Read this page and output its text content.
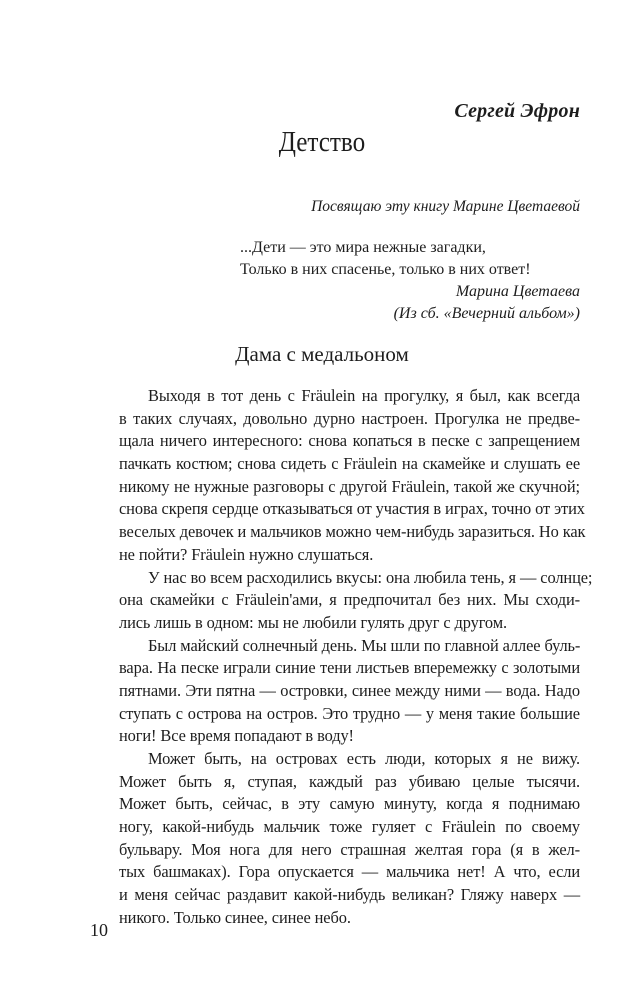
Сергей Эфрон
Детство
Посвящаю эту книгу Марине Цветаевой
...Дети — это мира нежные загадки,
Только в них спасенье, только в них ответ!
Марина Цветаева
(Из сб. «Вечерний альбом»)
Дама с медальоном

Выходя в тот день с Fräulein на прогулку, я был, как всегда
в таких случаях, довольно дурно настроен. Прогулка не предве-
щала ничего интересного: снова копаться в песке с запрещением
пачкать костюм; снова сидеть с Fräulein на скамейке и слушать ее
никому не нужные разговоры с другой Fräulein, такой же скучной;
снова скрепя сердце отказываться от участия в играх, точно от этих
веселых девочек и мальчиков можно чем-нибудь заразиться. Но как
не пойти? Fräulein нужно слушаться.

У нас во всем расходились вкусы: она любила тень, я — солнце;
она скамейки с Fräulein'ами, я предпочитал без них. Мы сходи-
лись лишь в одном: мы не любили гулять друг с другом.

Был майский солнечный день. Мы шли по главной аллее буль-
вара. На песке играли синие тени листьев вперемежку с золотыми
пятнами. Эти пятна — островки, синее между ними — вода. Надо
ступать с острова на остров. Это трудно — у меня такие большие
ноги! Все время попадают в воду!

Может быть, на островах есть люди, которых я не вижу.
Может быть я, ступая, каждый раз убиваю целые тысячи.
Может быть, сейчас, в эту самую минуту, когда я поднимаю
ногу, какой-нибудь мальчик тоже гуляет с Fräulein по своему
бульвару. Моя нога для него страшная желтая гора (я в жел-
тых башмаках). Гора опускается — мальчика нет! А что, если
и меня сейчас раздавит какой-нибудь великан? Гляжу наверх —
никого. Только синее, синее небо.

10
